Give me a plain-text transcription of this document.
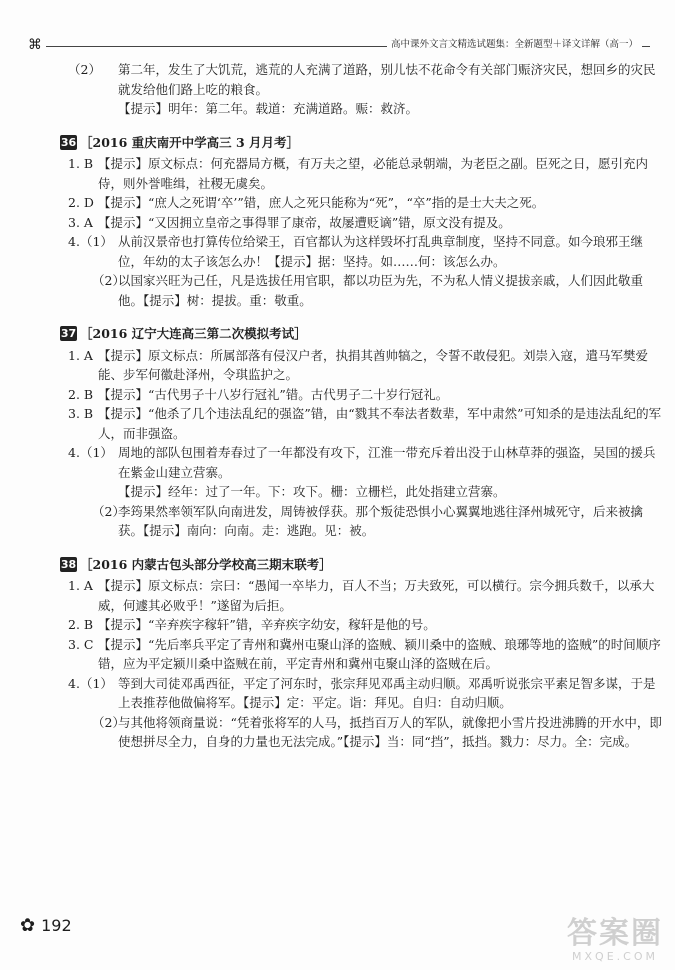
⌘	高中课外文言文精选试题集：全新题型＋译文详解（高一）
（2）	第二年，发生了大饥荒，逃荒的人充满了道路，别儿怯不花命令有关部门赈济灾民，想回乡的灾民就发给他们路上吃的粮食。
【提示】明年：第二年。载道：充满道路。赈：救济。
36 ［2016 重庆南开中学高三 3 月月考］
1. B 【提示】原文标点：何充器局方概，有万夫之望，必能总录朝端，为老臣之副。臣死之日，愿引充内侍，则外誉唯缉，社稷无虞矣。
2. D 【提示】“庶人之死谓‘卒’”错，庶人之死只能称为“死”，“卒”指的是士大夫之死。
3. A 【提示】“又因拥立皇帝之事得罪了康帝，故屡遭贬谪”错，原文没有提及。
4.（1） 从前汉景帝也打算传位给梁王，百官都认为这样毁坏打乱典章制度，坚持不同意。如今琅邪王继位，年幼的太子该怎么办！【提示】据：坚持。如……何：该怎么办。
（2）
以国家兴旺为己任，凡是选拔任用官职，都以功臣为先，不为私人情义提拔亲戚，人们因此敬重他。【提示】树：提拔。重：敬重。
37 ［2016 辽宁大连高三第二次模拟考试］
1. A 【提示】原文标点：所属部落有侵汉户者，执捐其酋帅犒之，令誓不敢侵犯。刘崇入寇，遣马军樊爱能、步军何徽赴泽州，令琪监护之。
2. B 【提示】“古代男子十八岁行冠礼”错。古代男子二十岁行冠礼。
3. B 【提示】“他杀了几个违法乱纪的强盗”错，由“戮其不奉法者数辈，军中肃然”可知杀的是违法乱纪的军人，而非强盗。
4.（1） 周地的部队包围着寿春过了一年都没有攻下，江淮一带充斥着出没于山林草莽的强盗，吴国的援兵在紫金山建立营寨。
【提示】经年：过了一年。下：攻下。栅：立栅栏，此处指建立营寨。
（2）
李筠果然率领军队向南进发，周铸被俘获。那个叛徒恐惧小心翼翼地逃往泽州城死守，后来被擒获。【提示】南向：向南。走：逃跑。见：被。
38 ［2016 内蒙古包头部分学校高三期末联考］
1. A 【提示】原文标点：宗曰：“愚闻一卒毕力，百人不当；万夫致死，可以横行。宗今拥兵数千，以承大威，何遽其必败乎！”遂留为后拒。
2. B 【提示】“辛弃疾字稼轩”错，辛弃疾字幼安，稼轩是他的号。
3. C 【提示】“先后率兵平定了青州和冀州屯聚山泽的盗贼、颍川桑中的盗贼、琅琊等地的盗贼”的时间顺序错，应为平定颍川桑中盗贼在前，平定青州和冀州屯聚山泽的盗贼在后。
4.（1） 等到大司徒邓禹西征，平定了河东时，张宗拜见邓禹主动归顺。邓禹听说张宗平素足智多谋，于是上表推荐他做偏将军。【提示】定：平定。诣：拜见。自归：自动归顺。
（2）
与其他将领商量说：“凭着张将军的人马，抵挡百万人的军队，就像把小雪片投进沸腾的开水中，即使想拼尽全力，自身的力量也无法完成。”【提示】当：同“挡”，抵挡。戮力：尽力。全：完成。
✿ 192	答案圈
MXQE.COM
